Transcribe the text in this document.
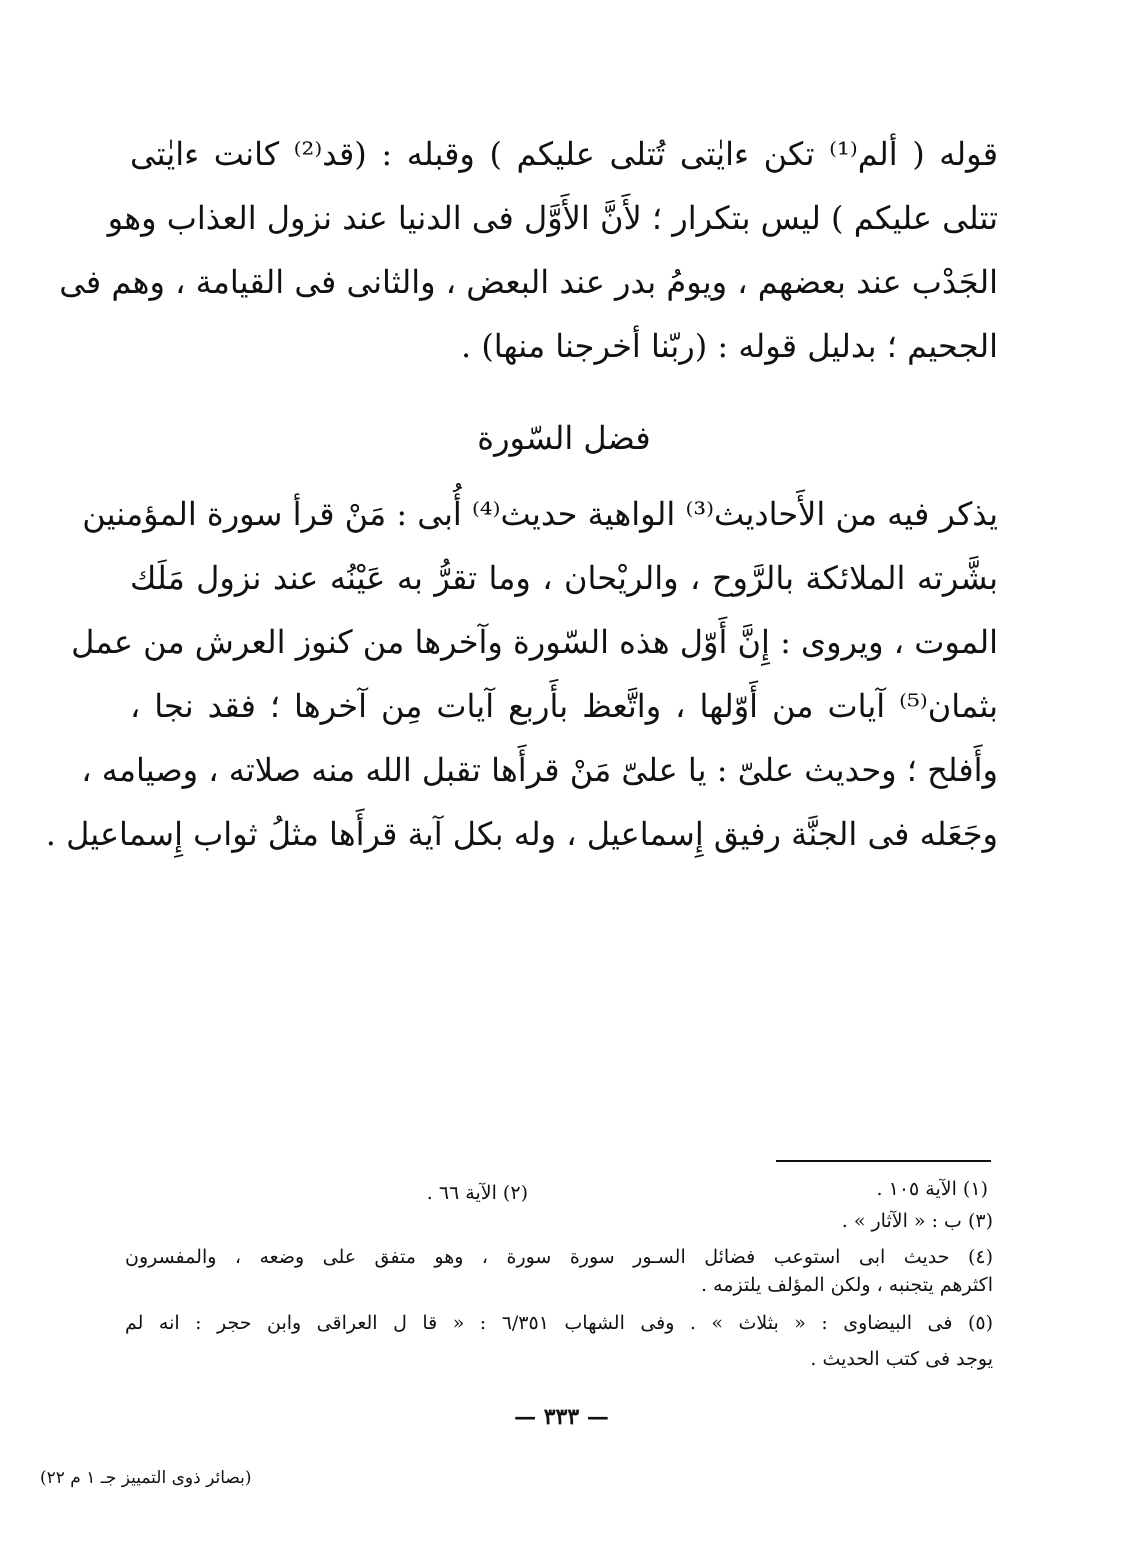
قوله ( ألم⁽¹⁾ تكن ءايٰتى تُتلى عليكم ) وقبله : (قد⁽²⁾ كانت ءايٰتى
تتلى عليكم ) ليس بتكرار ؛ لأَنَّ الأَوَّل فى الدنيا عند نزول العذاب وهو
الجَدْب عند بعضهم ، ويومُ بدر عند البعض ، والثانى فى القيامة ، وهم فى
الجحيم ؛ بدليل قوله : (ربّنا أخرجنا منها) .
فضل السّورة
يذكر فيه من الأَحاديث⁽³⁾ الواهية حديث⁽⁴⁾ أُبى : مَنْ قرأ سورة المؤمنين
بشَّرته الملائكة بالرَّوح ، والريْحان ، وما تقرُّ به عَيْنُه عند نزول مَلَك
الموت ، ويروى : إِنَّ أَوّل هذه السّورة وآخرها من كنوز العرش من عمل
بثمان⁽⁵⁾ آيات من أَوّلها ، واتَّعظ بأَربع آيات مِن آخرها ؛ فقد نجا ،
وأَفلح ؛ وحديث علىّ : يا علىّ مَنْ قرأَها تقبل الله منه صلاته ، وصيامه ،
وجَعَله فى الجنَّة رفيق إِسماعيل ، وله بكل آية قرأَها مثلُ ثواب إِسماعيل .
(١) الآية ١٠٥ .
(٢) الآية ٦٦ .
(٣) ب : « الآثار » .
(٤) حديث ابى استوعب فضائل السـور سورة سورة ، وهو متفق على وضعه ، والمفسرون
اكثرهم يتجنبه ، ولكن المؤلف يلتزمه .
(٥) فى البيضاوى : « بثلاث » . وفى الشهاب ٦/٣٥١ : « قا ل العراقى وابن حجر : انه لم
يوجد فى كتب الحديث .
— ٣٣٣ —
(بصائر ذوى التمييز جـ ١ م ٢٢)
